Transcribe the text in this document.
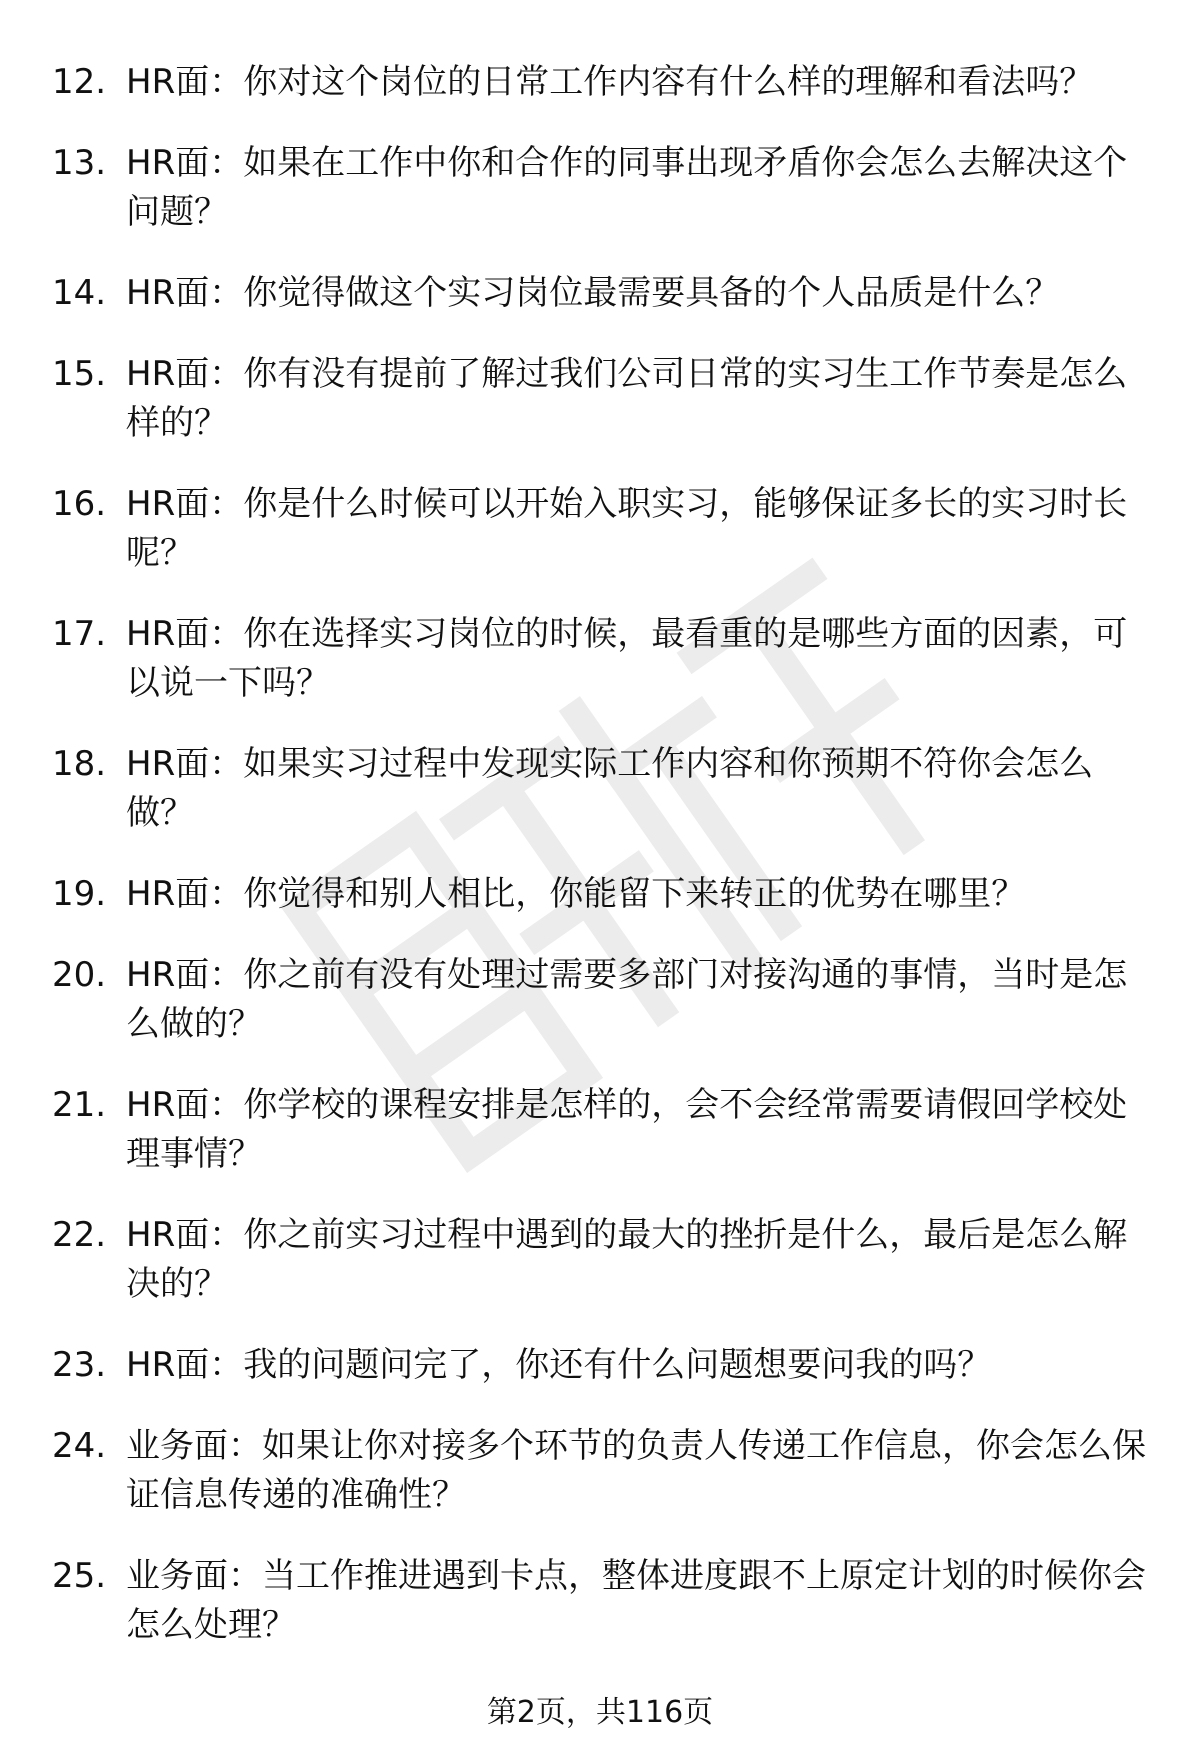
12. HR面：你对这个岗位的日常工作内容有什么样的理解和看法吗？
13. HR面：如果在工作中你和合作的同事出现矛盾你会怎么去解决这个问题？
14. HR面：你觉得做这个实习岗位最需要具备的个人品质是什么？
15. HR面：你有没有提前了解过我们公司日常的实习生工作节奏是怎么样的？
16. HR面：你是什么时候可以开始入职实习，能够保证多长的实习时长呢？
17. HR面：你在选择实习岗位的时候，最看重的是哪些方面的因素，可以说一下吗？
18. HR面：如果实习过程中发现实际工作内容和你预期不符你会怎么做？
19. HR面：你觉得和别人相比，你能留下来转正的优势在哪里？
20. HR面：你之前有没有处理过需要多部门对接沟通的事情，当时是怎么做的？
21. HR面：你学校的课程安排是怎样的，会不会经常需要请假回学校处理事情？
22. HR面：你之前实习过程中遇到的最大的挫折是什么，最后是怎么解决的？
23. HR面：我的问题问完了，你还有什么问题想要问我的吗？
24. 业务面：如果让你对接多个环节的负责人传递工作信息，你会怎么保证信息传递的准确性？
25. 业务面：当工作推进遇到卡点，整体进度跟不上原定计划的时候你会怎么处理？
第2页，共116页
